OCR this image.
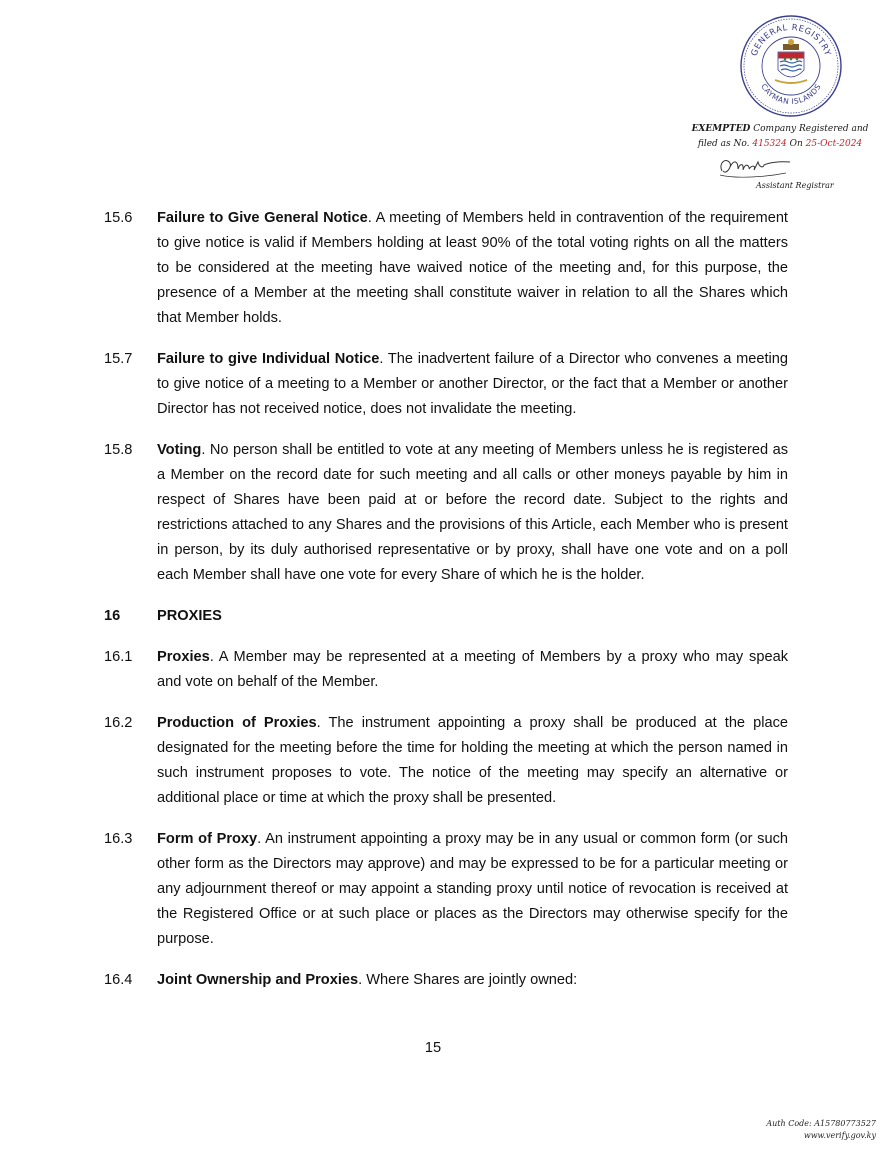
GENERAL REGISTRY
CAYMAN ISLANDS
EXEMPTED Company Registered and
filed as No. 415324 On 25-Oct-2024
Assistant Registrar
15.6	Failure to Give General Notice. A meeting of Members held in contravention of the requirement to give notice is valid if Members holding at least 90% of the total voting rights on all the matters to be considered at the meeting have waived notice of the meeting and, for this purpose, the presence of a Member at the meeting shall constitute waiver in relation to all the Shares which that Member holds.
15.7	Failure to give Individual Notice. The inadvertent failure of a Director who convenes a meeting to give notice of a meeting to a Member or another Director, or the fact that a Member or another Director has not received notice, does not invalidate the meeting.
15.8	Voting. No person shall be entitled to vote at any meeting of Members unless he is registered as a Member on the record date for such meeting and all calls or other moneys payable by him in respect of Shares have been paid at or before the record date. Subject to the rights and restrictions attached to any Shares and the provisions of this Article, each Member who is present in person, by its duly authorised representative or by proxy, shall have one vote and on a poll each Member shall have one vote for every Share of which he is the holder.
16	PROXIES
16.1	Proxies. A Member may be represented at a meeting of Members by a proxy who may speak and vote on behalf of the Member.
16.2	Production of Proxies. The instrument appointing a proxy shall be produced at the place designated for the meeting before the time for holding the meeting at which the person named in such instrument proposes to vote. The notice of the meeting may specify an alternative or additional place or time at which the proxy shall be presented.
16.3	Form of Proxy. An instrument appointing a proxy may be in any usual or common form (or such other form as the Directors may approve) and may be expressed to be for a particular meeting or any adjournment thereof or may appoint a standing proxy until notice of revocation is received at the Registered Office or at such place or places as the Directors may otherwise specify for the purpose.
16.4	Joint Ownership and Proxies. Where Shares are jointly owned:
15
Auth Code: A15780773527
www.verify.gov.ky
